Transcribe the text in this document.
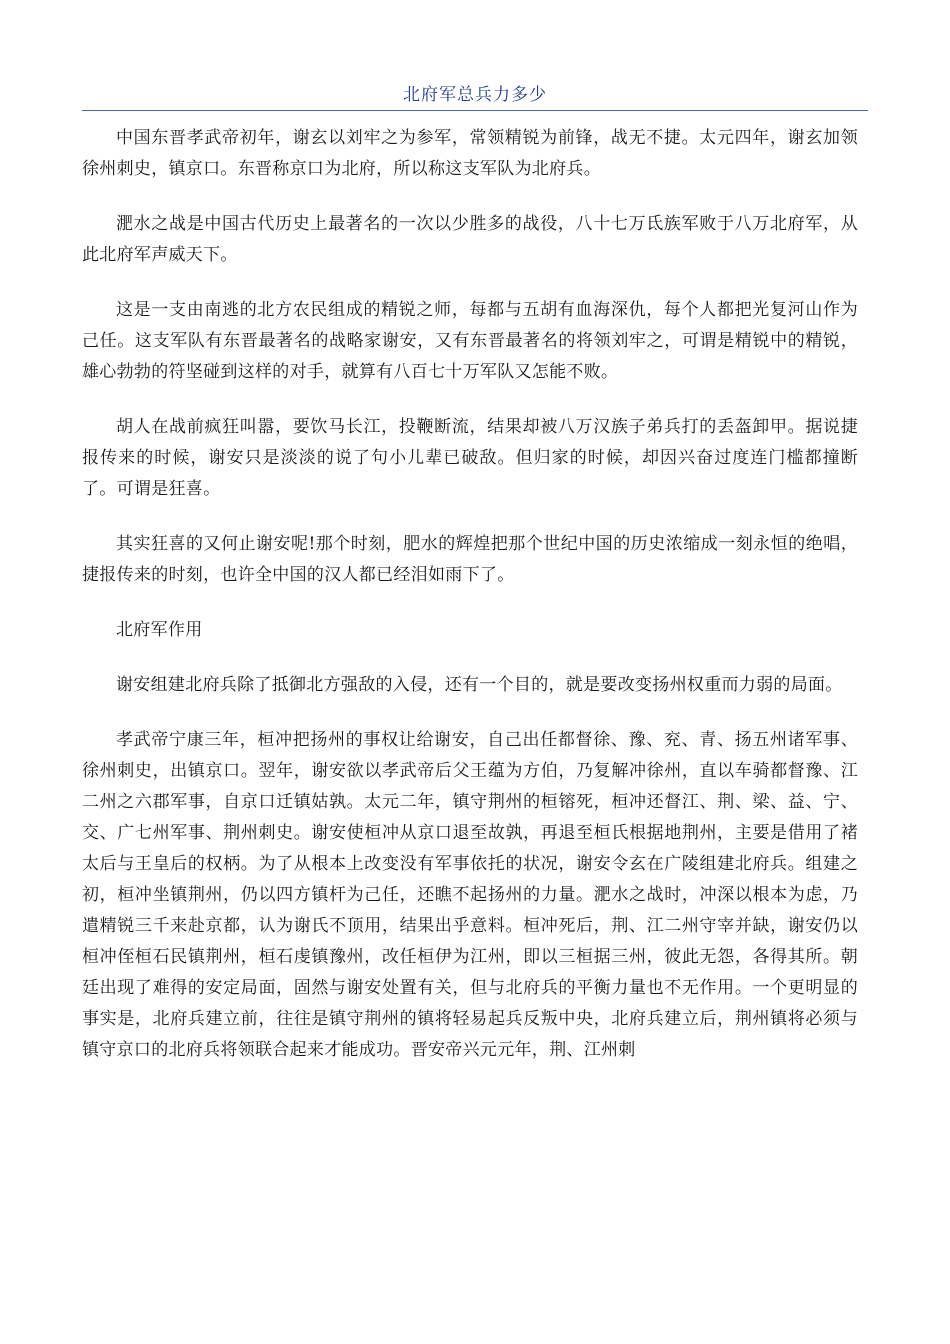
北府军总兵力多少

中国东晋孝武帝初年，谢玄以刘牢之为参军，常领精锐为前锋，战无不捷。太元四年，谢玄加领徐州刺史，镇京口。东晋称京口为北府，所以称这支军队为北府兵。

淝水之战是中国古代历史上最著名的一次以少胜多的战役，八十七万氐族军败于八万北府军，从此北府军声威天下。

这是一支由南逃的北方农民组成的精锐之师，每都与五胡有血海深仇，每个人都把光复河山作为己任。这支军队有东晋最著名的战略家谢安，又有东晋最著名的将领刘牢之，可谓是精锐中的精锐，雄心勃勃的符坚碰到这样的对手，就算有八百七十万军队又怎能不败。

胡人在战前疯狂叫嚣，要饮马长江，投鞭断流，结果却被八万汉族子弟兵打的丢盔卸甲。据说捷报传来的时候，谢安只是淡淡的说了句小儿辈已破敌。但归家的时候，却因兴奋过度连门槛都撞断了。可谓是狂喜。

其实狂喜的又何止谢安呢!那个时刻，肥水的辉煌把那个世纪中国的历史浓缩成一刻永恒的绝唱，捷报传来的时刻，也许全中国的汉人都已经泪如雨下了。

北府军作用

谢安组建北府兵除了抵御北方强敌的入侵，还有一个目的，就是要改变扬州权重而力弱的局面。

孝武帝宁康三年，桓冲把扬州的事权让给谢安，自己出任都督徐、豫、兖、青、扬五州诸军事、徐州刺史，出镇京口。翌年，谢安欲以孝武帝后父王蕴为方伯，乃复解冲徐州，直以车骑都督豫、江二州之六郡军事，自京口迁镇姑孰。太元二年，镇守荆州的桓镕死，桓冲还督江、荆、梁、益、宁、交、广七州军事、荆州刺史。谢安使桓冲从京口退至故孰，再退至桓氏根据地荆州，主要是借用了褚太后与王皇后的权柄。为了从根本上改变没有军事依托的状况，谢安令玄在广陵组建北府兵。组建之初，桓冲坐镇荆州，仍以四方镇杆为己任，还瞧不起扬州的力量。淝水之战时，冲深以根本为虑，乃遣精锐三千来赴京都，认为谢氏不顶用，结果出乎意料。桓冲死后，荆、江二州守宰并缺，谢安仍以桓冲侄桓石民镇荆州，桓石虔镇豫州，改任桓伊为江州，即以三桓据三州，彼此无怨，各得其所。朝廷出现了难得的安定局面，固然与谢安处置有关，但与北府兵的平衡力量也不无作用。一个更明显的事实是，北府兵建立前，往往是镇守荆州的镇将轻易起兵反叛中央，北府兵建立后，荆州镇将必须与镇守京口的北府兵将领联合起来才能成功。晋安帝兴元元年，荆、江州刺
